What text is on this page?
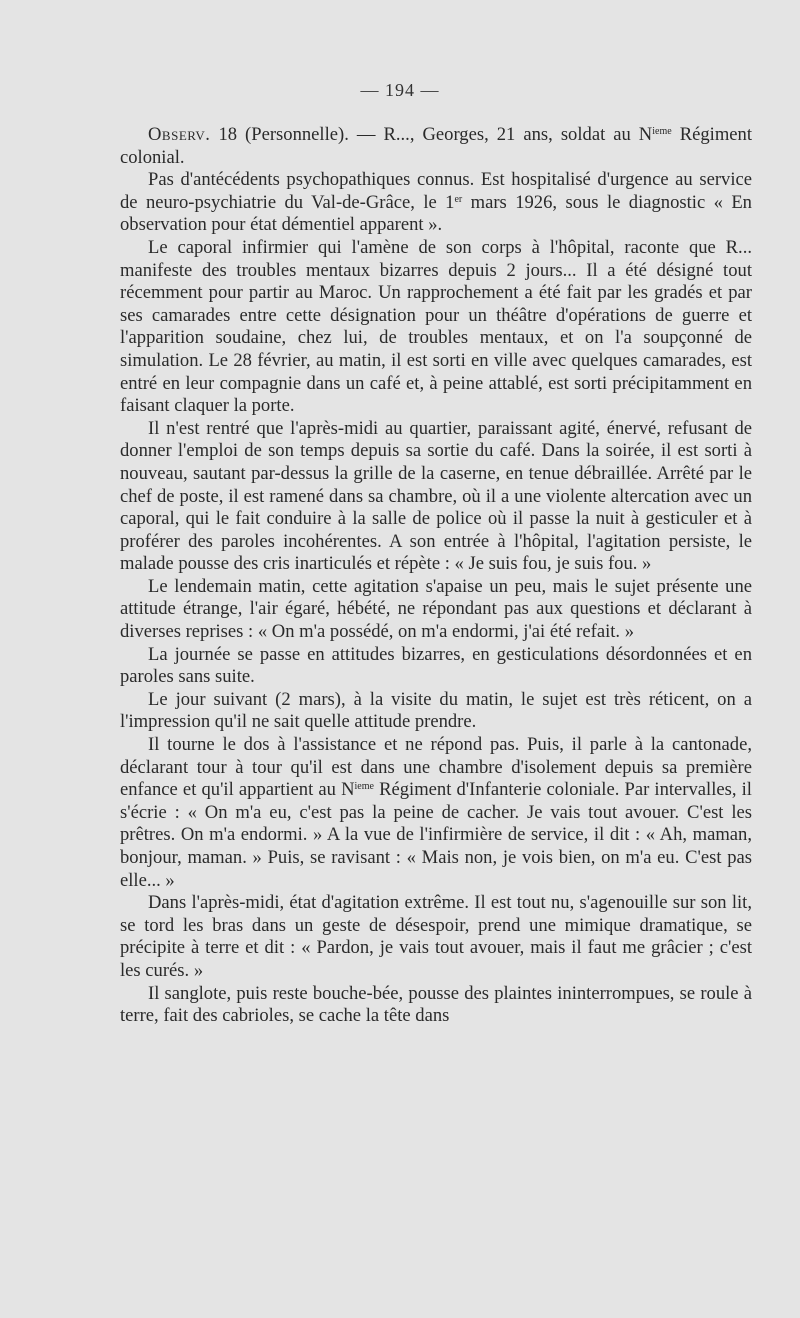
— 194 —

Observ. 18 (Personnelle). — R..., Georges, 21 ans, soldat au $N^{ieme}$ Régiment colonial.

Pas d'antécédents psychopathiques connus. Est hospitalisé d'urgence au service de neuro-psychiatrie du Val-de-Grâce, le 1er mars 1926, sous le diagnostic « En observation pour état démentiel apparent ».

Le caporal infirmier qui l'amène de son corps à l'hôpital, raconte que R... manifeste des troubles mentaux bizarres depuis 2 jours... Il a été désigné tout récemment pour partir au Maroc. Un rapprochement a été fait par les gradés et par ses camarades entre cette désignation pour un théâtre d'opérations de guerre et l'apparition soudaine, chez lui, de troubles mentaux, et on l'a soupçonné de simulation. Le 28 février, au matin, il est sorti en ville avec quelques camarades, est entré en leur compagnie dans un café et, à peine attablé, est sorti précipitamment en faisant claquer la porte.

Il n'est rentré que l'après-midi au quartier, paraissant agité, énervé, refusant de donner l'emploi de son temps depuis sa sortie du café. Dans la soirée, il est sorti à nouveau, sautant par-dessus la grille de la caserne, en tenue débraillée. Arrêté par le chef de poste, il est ramené dans sa chambre, où il a une violente altercation avec un caporal, qui le fait conduire à la salle de police où il passe la nuit à gesticuler et à proférer des paroles incohérentes. A son entrée à l'hôpital, l'agitation persiste, le malade pousse des cris inarticulés et répète : « Je suis fou, je suis fou. »

Le lendemain matin, cette agitation s'apaise un peu, mais le sujet présente une attitude étrange, l'air égaré, hébété, ne répondant pas aux questions et déclarant à diverses reprises : « On m'a possédé, on m'a endormi, j'ai été refait. »

La journée se passe en attitudes bizarres, en gesticulations désordonnées et en paroles sans suite.

Le jour suivant (2 mars), à la visite du matin, le sujet est très réticent, on a l'impression qu'il ne sait quelle attitude prendre.

Il tourne le dos à l'assistance et ne répond pas. Puis, il parle à la cantonade, déclarant tour à tour qu'il est dans une chambre d'isolement depuis sa première enfance et qu'il appartient au $N^{ieme}$ Régiment d'Infanterie coloniale. Par intervalles, il s'écrie : « On m'a eu, c'est pas la peine de cacher. Je vais tout avouer. C'est les prêtres. On m'a endormi. » A la vue de l'infirmière de service, il dit : « Ah, maman, bonjour, maman. » Puis, se ravisant : « Mais non, je vois bien, on m'a eu. C'est pas elle... »

Dans l'après-midi, état d'agitation extrême. Il est tout nu, s'agenouille sur son lit, se tord les bras dans un geste de désespoir, prend une mimique dramatique, se précipite à terre et dit : « Pardon, je vais tout avouer, mais il faut me grâcier ; c'est les curés. »

Il sanglote, puis reste bouche-bée, pousse des plaintes ininterrompues, se roule à terre, fait des cabrioles, se cache la tête dans
